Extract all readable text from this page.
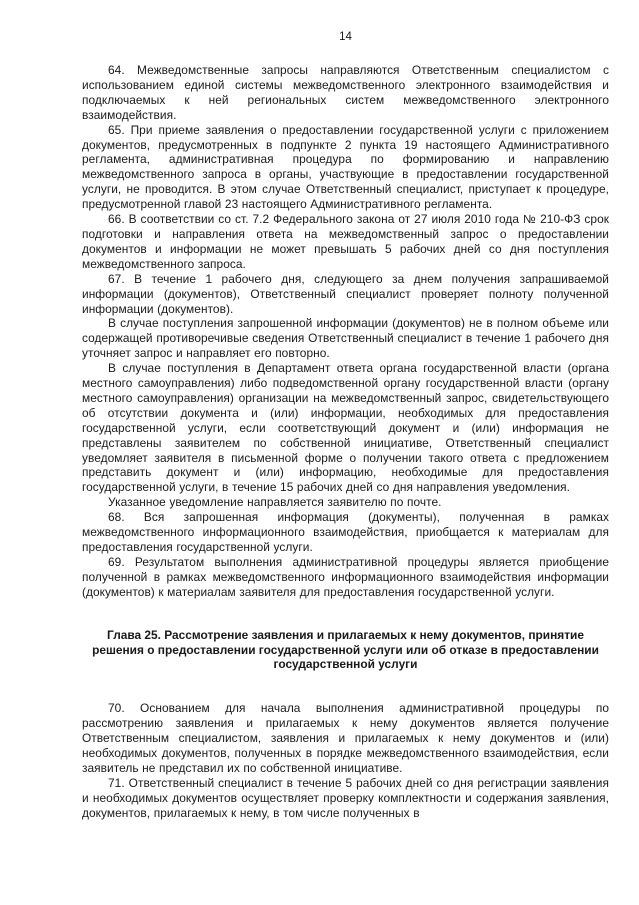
14

64. Межведомственные запросы направляются Ответственным специалистом с использованием единой системы межведомственного электронного взаимодействия и подключаемых к ней региональных систем межведомственного электронного взаимодействия.

65. При приеме заявления о предоставлении государственной услуги с приложением документов, предусмотренных в подпункте 2 пункта 19 настоящего Административного регламента, административная процедура по формированию и направлению межведомственного запроса в органы, участвующие в предоставлении государственной услуги, не проводится. В этом случае Ответственный специалист, приступает к процедуре, предусмотренной главой 23 настоящего Административного регламента.

66. В соответствии со ст. 7.2 Федерального закона от 27 июля 2010 года № 210-ФЗ срок подготовки и направления ответа на межведомственный запрос о предоставлении документов и информации не может превышать 5 рабочих дней со дня поступления межведомственного запроса.

67. В течение 1 рабочего дня, следующего за днем получения запрашиваемой информации (документов), Ответственный специалист проверяет полноту полученной информации (документов).

В случае поступления запрошенной информации (документов) не в полном объеме или содержащей противоречивые сведения Ответственный специалист в течение 1 рабочего дня уточняет запрос и направляет его повторно.

В случае поступления в Департамент ответа органа государственной власти (органа местного самоуправления) либо подведомственной органу государственной власти (органу местного самоуправления) организации на межведомственный запрос, свидетельствующего об отсутствии документа и (или) информации, необходимых для предоставления государственной услуги, если соответствующий документ и (или) информация не представлены заявителем по собственной инициативе, Ответственный специалист уведомляет заявителя в письменной форме о получении такого ответа с предложением представить документ и (или) информацию, необходимые для предоставления государственной услуги, в течение 15 рабочих дней со дня направления уведомления.

Указанное уведомление направляется заявителю по почте.

68. Вся запрошенная информация (документы), полученная в рамках межведомственного информационного взаимодействия, приобщается к материалам для предоставления государственной услуги.

69. Результатом выполнения административной процедуры является приобщение полученной в рамках межведомственного информационного взаимодействия информации (документов) к материалам заявителя для предоставления государственной услуги.

Глава 25. Рассмотрение заявления и прилагаемых к нему документов, принятие решения о предоставлении государственной услуги или об отказе в предоставлении государственной услуги

70. Основанием для начала выполнения административной процедуры по рассмотрению заявления и прилагаемых к нему документов является получение Ответственным специалистом, заявления и прилагаемых к нему документов и (или) необходимых документов, полученных в порядке межведомственного взаимодействия, если заявитель не представил их по собственной инициативе.

71. Ответственный специалист в течение 5 рабочих дней со дня регистрации заявления и необходимых документов осуществляет проверку комплектности и содержания заявления, документов, прилагаемых к нему, в том числе полученных в
